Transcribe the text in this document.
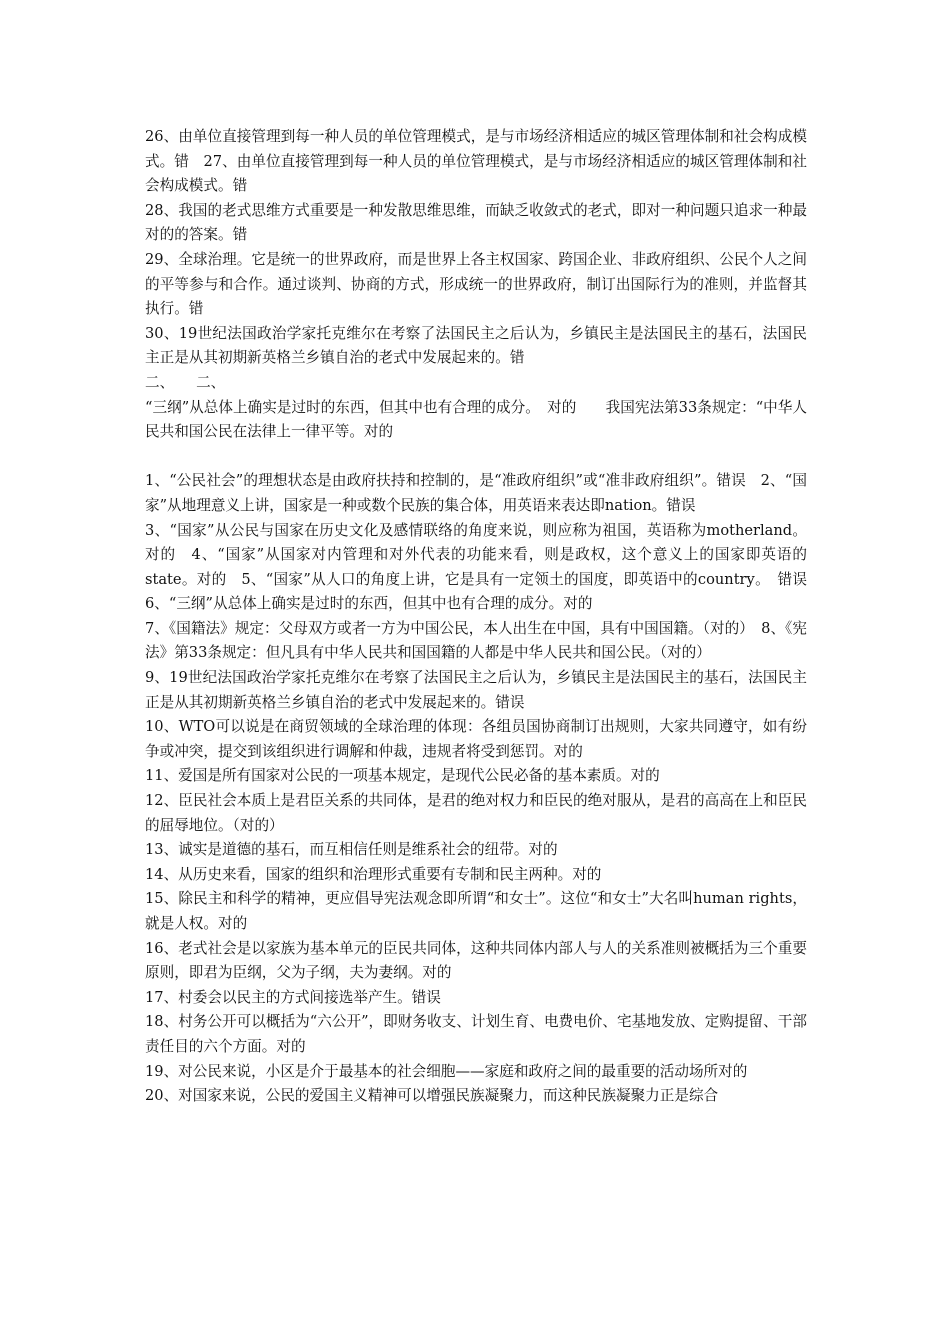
26、由单位直接管理到每一种人员的单位管理模式，是与市场经济相适应的城区管理体制和社会构成模式。错　27、由单位直接管理到每一种人员的单位管理模式，是与市场经济相适应的城区管理体制和社会构成模式。错

28、我国的老式思维方式重要是一种发散思维思维，而缺乏收敛式的老式，即对一种问题只追求一种最对的的答案。错

29、全球治理。它是统一的世界政府，而是世界上各主权国家、跨国企业、非政府组织、公民个人之间的平等参与和合作。通过谈判、协商的方式，形成统一的世界政府，制订出国际行为的准则，并监督其执行。错

30、19世纪法国政治学家托克维尔在考察了法国民主之后认为，乡镇民主是法国民主的基石，法国民主正是从其初期新英格兰乡镇自治的老式中发展起来的。错

二、　　二、

“三纲”从总体上确实是过时的东西，但其中也有合理的成分。　对的　　我国宪法第33条规定：“中华人民共和国公民在法律上一律平等。对的

1、“公民社会”的理想状态是由政府扶持和控制的，是“准政府组织”或“准非政府组织”。错误　2、“国家”从地理意义上讲，国家是一种或数个民族的集合体，用英语来表达即nation。错误

3、“国家”从公民与国家在历史文化及感情联络的角度来说，则应称为祖国，英语称为motherland。对的　4、“国家”从国家对内管理和对外代表的功能来看，则是政权，这个意义上的国家即英语的state。对的　5、“国家”从人口的角度上讲，它是具有一定领土的国度，即英语中的country。　错误　6、“三纲”从总体上确实是过时的东西，但其中也有合理的成分。对的

7、《国籍法》规定：父母双方或者一方为中国公民，本人出生在中国，具有中国国籍。（对的）　8、《宪法》第33条规定：但凡具有中华人民共和国国籍的人都是中华人民共和国公民。（对的）

9、19世纪法国政治学家托克维尔在考察了法国民主之后认为，乡镇民主是法国民主的基石，法国民主正是从其初期新英格兰乡镇自治的老式中发展起来的。错误

10、WTO可以说是在商贸领域的全球治理的体现：各组员国协商制订出规则，大家共同遵守，如有纷争或冲突，提交到该组织进行调解和仲裁，违规者将受到惩罚。对的

11、爱国是所有国家对公民的一项基本规定，是现代公民必备的基本素质。对的

12、臣民社会本质上是君臣关系的共同体，是君的绝对权力和臣民的绝对服从，是君的高高在上和臣民的屈辱地位。（对的）

13、诚实是道德的基石，而互相信任则是维系社会的纽带。对的

14、从历史来看，国家的组织和治理形式重要有专制和民主两种。对的

15、除民主和科学的精神，更应倡导宪法观念即所谓“和女士”。这位“和女士”大名叫human rights，就是人权。对的

16、老式社会是以家族为基本单元的臣民共同体，这种共同体内部人与人的关系准则被概括为三个重要原则，即君为臣纲，父为子纲，夫为妻纲。对的

17、村委会以民主的方式间接选举产生。错误

18、村务公开可以概括为“六公开”，即财务收支、计划生育、电费电价、宅基地发放、定购提留、干部责任目的六个方面。对的

19、对公民来说，小区是介于最基本的社会细胞——家庭和政府之间的最重要的活动场所对的

20、对国家来说，公民的爱国主义精神可以增强民族凝聚力，而这种民族凝聚力正是综合
